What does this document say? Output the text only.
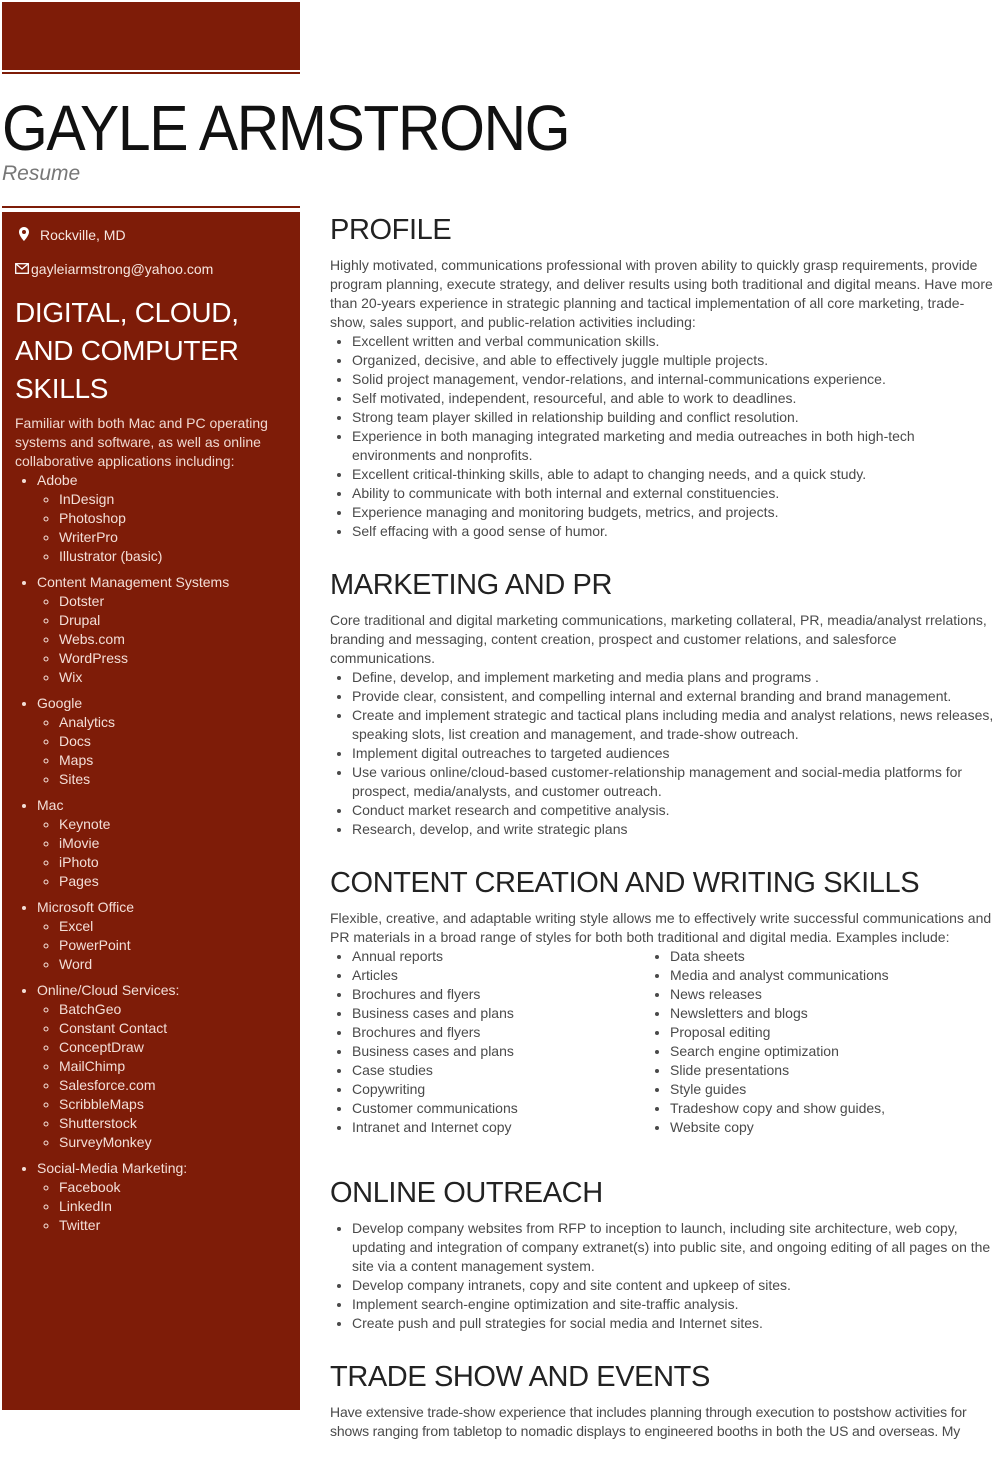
GAYLE ARMSTRONG
Resume
Rockville, MD
gayleiarmstrong@yahoo.com
DIGITAL, CLOUD, AND COMPUTER SKILLS

Familiar with both Mac and PC operating systems and software, as well as online collaborative applications including:

• Adobe
◦ InDesign
◦ Photoshop
◦ WriterPro
◦ Illustrator (basic)
• Content Management Systems
◦ Dotster
◦ Drupal
◦ Webs.com
◦ WordPress
◦ Wix
• Google
◦ Analytics
◦ Docs
◦ Maps
◦ Sites
• Mac
◦ Keynote
◦ iMovie
◦ iPhoto
◦ Pages
• Microsoft Office
◦ Excel
◦ PowerPoint
◦ Word
• Online/Cloud Services:
◦ BatchGeo
◦ Constant Contact
◦ ConceptDraw
◦ MailChimp
◦ Salesforce.com
◦ ScribbleMaps
◦ Shutterstock
◦ SurveyMonkey
• Social-Media Marketing:
◦ Facebook
◦ LinkedIn
◦ Twitter
PROFILE

Highly motivated, communications professional with proven ability to quickly grasp requirements, provide program planning, execute strategy, and deliver results using both traditional and digital means. Have more than 20-years experience in strategic planning and tactical implementation of all core marketing, trade-show, sales support, and public-relation activities including:

• Excellent written and verbal communication skills.
• Organized, decisive, and able to effectively juggle multiple projects.
• Solid project management, vendor-relations, and internal-communications experience.
• Self motivated, independent, resourceful, and able to work to deadlines.
• Strong team player skilled in relationship building and conflict resolution.
• Experience in both managing integrated marketing and media outreaches in both high-tech environments and nonprofits.
• Excellent critical-thinking skills, able to adapt to changing needs, and a quick study.
• Ability to communicate with both internal and external constituencies.
• Experience managing and monitoring budgets, metrics, and projects.
• Self effacing with a good sense of humor.
MARKETING AND PR

Core traditional and digital marketing communications, marketing collateral, PR, meadia/analyst rrelations, branding and messaging, content creation, prospect and customer relations, and salesforce communications.

• Define, develop, and implement marketing and media plans and programs .
• Provide clear, consistent, and compelling internal and external branding and brand management.
• Create and implement strategic and tactical plans including media and analyst relations, news releases, speaking slots, list creation and management, and trade-show outreach.
• Implement digital outreaches to targeted audiences
• Use various online/cloud-based customer-relationship management and social-media platforms for prospect, media/analysts, and customer outreach.
• Conduct market research and competitive analysis.
• Research, develop, and write strategic plans
CONTENT CREATION AND WRITING SKILLS

Flexible, creative, and adaptable writing style allows me to effectively write successful communications and PR materials in a broad range of styles for both both traditional and digital media. Examples include:

• Annual reports
• Articles
• Brochures and flyers
• Business cases and plans
• Brochures and flyers
• Business cases and plans
• Case studies
• Copywriting
• Customer communications
• Intranet and Internet copy
• Data sheets
• Media and analyst communications
• News releases
• Newsletters and blogs
• Proposal editing
• Search engine optimization
• Slide presentations
• Style guides
• Tradeshow copy and show guides,
• Website copy
ONLINE OUTREACH
• Develop company websites from RFP to inception to launch, including site architecture, web copy, updating and integration of company extranet(s) into public site, and ongoing editing of all pages on the site via a content management system.
• Develop company intranets, copy and site content and upkeep of sites.
• Implement search-engine optimization and site-traffic analysis.
• Create push and pull strategies for social media and Internet sites.
TRADE SHOW AND EVENTS

Have extensive trade-show experience that includes planning through execution to postshow activities for shows ranging from tabletop to nomadic displays to engineered booths in both the US and overseas. My
